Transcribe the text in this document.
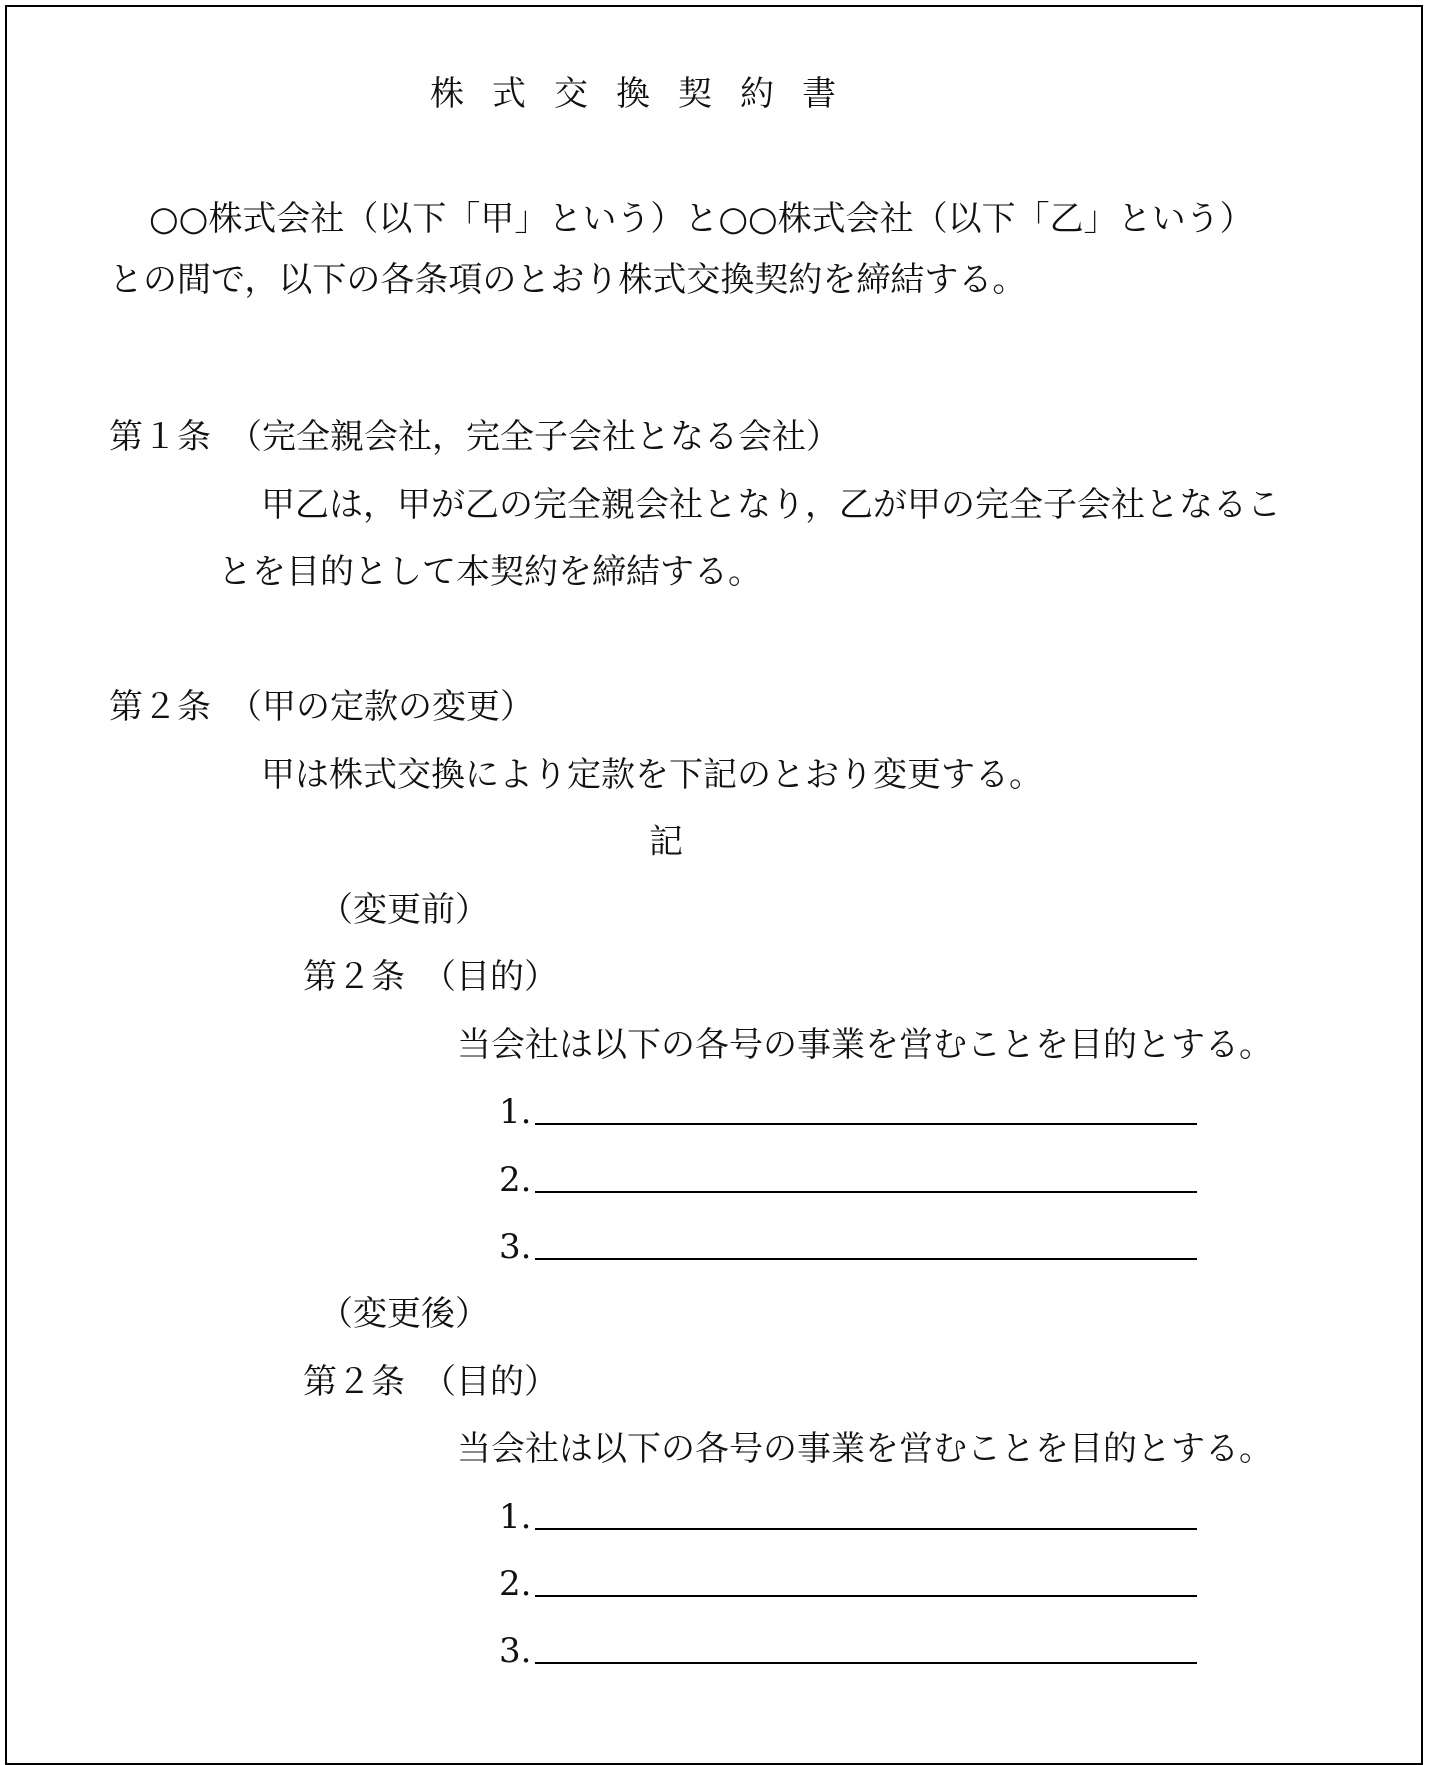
株式交換契約書
○○株式会社（以下「甲」という）と○○株式会社（以下「乙」という）
との間で，以下の各条項のとおり株式交換契約を締結する。
第１条　（完全親会社，完全子会社となる会社）
甲乙は，甲が乙の完全親会社となり，乙が甲の完全子会社となるこ
とを目的として本契約を締結する。
第２条　（甲の定款の変更）
甲は株式交換により定款を下記のとおり変更する。
記
（変更前）
第２条　（目的）
当会社は以下の各号の事業を営むことを目的とする。
1.
2.
3.
（変更後）
第２条　（目的）
当会社は以下の各号の事業を営むことを目的とする。
1.
2.
3.
